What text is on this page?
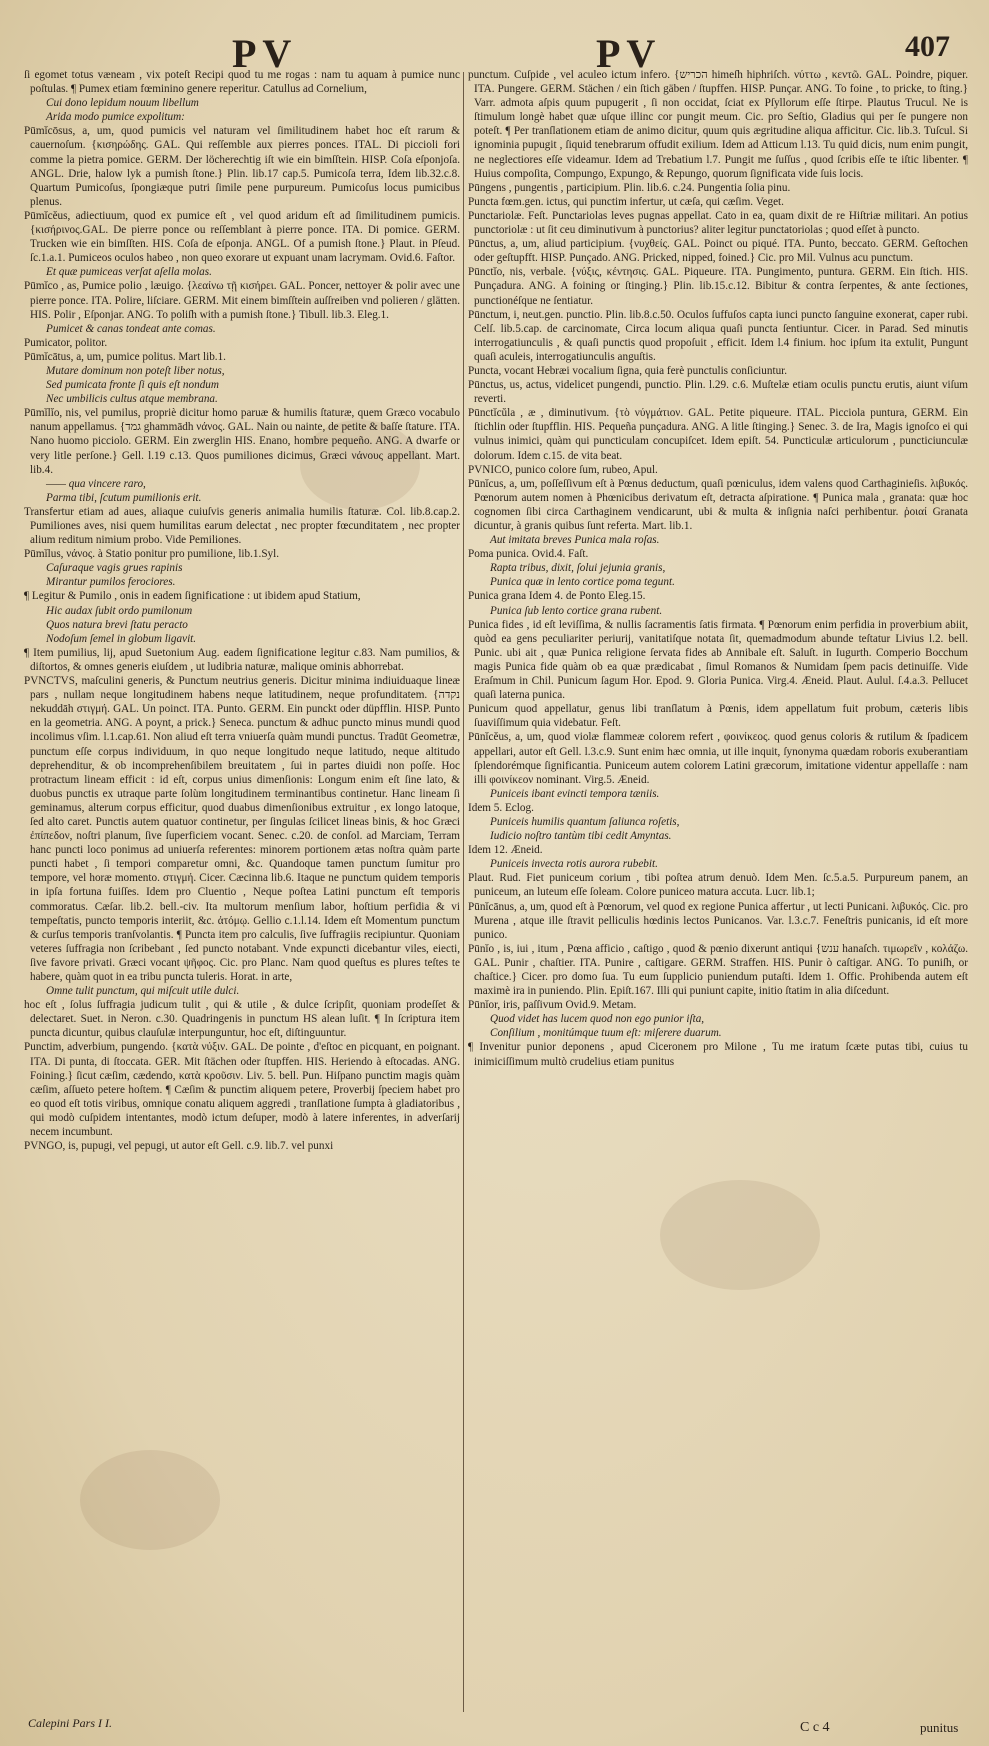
PV	PV	407

ſi egomet totus væneam , vix poteſt Recipi quod tu me rogas : nam tu aquam à pumice nunc poſtulas. ¶ Pumex etiam fœminino genere reperitur. Catullus ad Cornelium,

Cui dono lepidum nouum libellum

Arida modo pumice expolitum:

Pūmĭcōsus, a, um, quod pumicis vel naturam vel ſimilitudinem habet hoc eſt rarum & cauernoſum. {κισηρώδης. GAL. Qui reſſemble aux pierres ponces. ITAL. Di piccioli fori comme la pietra pomice. GERM. Der löcherechtig iſt wie ein bimſſtein. HISP. Coſa eſponjoſa. ANGL. Drie, halow lyk a pumish ſtone.} Plin. lib.17 cap.5. Pumicoſa terra, Idem lib.32.c.8. Quartum Pumicoſus, ſpongiæque putri ſimile pene purpureum. Pumicoſus locus pumicibus plenus.

Pūmĭcĕus, adiectiuum, quod ex pumice eſt , vel quod aridum eſt ad ſimilitudinem pumicis.{κισήρινος.GAL. De pierre ponce ou reſſemblant à pierre ponce. ITA. Di pomice. GERM. Trucken wie ein bimſſten. HIS. Coſa de eſponja. ANGL. Of a pumish ſtone.} Plaut. in Pſeud. ſc.1.a.1. Pumiceos oculos habeo , non queo exorare ut expuant unam lacrymam. Ovid.6. Faſtor.

Et quæ pumiceas verſat aſella molas.

Pūmĭco , as, Pumice polio , læuigo. {λεαίνω τῇ κισήρει. GAL. Poncer, nettoyer & polir avec une pierre ponce. ITA. Polire, liſciare. GERM. Mit einem bimſſtein auſſreiben vnd polieren / glätten. HIS. Polir , Eſponjar. ANG. To poliſh with a pumish ſtone.} Tibull. lib.3. Eleg.1.

Pumicet & canas tondeat ante comas.

Pumicator, politor.

Pūmĭcātus, a, um, pumice politus. Mart lib.1.

Mutare dominum non poteſt liber notus,

Sed pumicata fronte ſi quis eſt nondum

Nec umbilicis cultus atque membrana.

Pūmĭlĭo, nis, vel pumilus, propriè dicitur homo paruæ & humilis ſtaturæ, quem Græco vocabulo nanum appellamus. {גמד ghammādh νάνος. GAL. Nain ou nainte, de petite & baſſe ſtature. ITA. Nano huomo picciolo. GERM. Ein zwerglin HIS. Enano, hombre pequeño. ANG. A dwarfe or very litle perſone.} Gell. l.19 c.13. Quos pumiliones dicimus, Græci νάνους appellant. Mart. lib.4.

—— qua vincere raro,

Parma tibi, ſcutum pumilionis erit.

Transfertur etiam ad aues, aliaque cuiuſvis generis animalia humilis ſtaturæ. Col. lib.8.cap.2. Pumiliones aves, nisi quem humilitas earum delectat , nec propter fœcunditatem , nec propter alium reditum nimium probo. Vide Pemiliones.

Pūmĭlus, νάνος. à Statio ponitur pro pumilione, lib.1.Syl.

Caſuraque vagis grues rapinis

Mirantur pumilos ferociores.

¶ Legitur & Pumilo , onis in eadem ſignificatione : ut ibidem apud Statium,

Hic audax ſubit ordo pumilonum

Quos natura brevi ſtatu peracto

Nodoſum ſemel in globum ligavit.

¶ Item pumilius, lij, apud Suetonium Aug. eadem ſignificatione legitur c.83. Nam pumilios, & diſtortos, & omnes generis eiuſdem , ut ludibria naturæ, malique ominis abhorrebat.

PVNCTVS, maſculini generis, & Punctum neutrius generis. Dicitur minima indiuiduaque lineæ pars , nullam neque longitudinem habens neque latitudinem, neque profunditatem. {נקדה nekuddāh στιγμή. GAL. Un poinct. ITA. Punto. GERM. Ein punckt oder düpfflin. HISP. Punto en la geometria. ANG. A poynt, a prick.} Seneca. punctum & adhuc puncto minus mundi quod incolimus vſim. l.1.cap.61. Non aliud eſt terra vniuerſa quàm mundi punctus. Tradūt Geometræ, punctum eſſe corpus individuum, in quo neque longitudo neque latitudo, neque altitudo deprehenditur, & ob incomprehenſibilem breuitatem , ſui in partes diuidi non poſſe. Hoc protractum lineam efficit : id eſt, corpus unius dimenſionis: Longum enim eſt ſine lato, & duobus punctis ex utraque parte ſolùm longitudinem terminantibus continetur. Hanc lineam ſi geminamus, alterum corpus efficitur, quod duabus dimenſionibus extruitur , ex longo latoque, ſed alto caret. Punctis autem quatuor continetur, per ſingulas ſcilicet lineas binis, & hoc Græci ἐπίπεδον, noſtri planum, ſive ſuperficiem vocant. Senec. c.20. de conſol. ad Marciam, Terram hanc puncti loco ponimus ad uniuerſa referentes: minorem portionem ætas noſtra quàm parte puncti habet , ſi tempori comparetur omni, &c. Quandoque tamen punctum ſumitur pro tempore, vel horæ momento. στιγμή. Cicer. Cæcinna lib.6. Itaque ne punctum quidem temporis in ipſa fortuna fuiſſes. Idem pro Cluentio , Neque poſtea Latini punctum eſt temporis commoratus. Cæſar. lib.2. bell.-civ. Ita multorum menſium labor, hoſtium perfidia & vi tempeſtatis, puncto temporis interiit, &c. ἀτόμῳ. Gellio c.1.l.14. Idem eſt Momentum punctum & curſus temporis tranſvolantis. ¶ Puncta item pro calculis, ſive ſuffragiis recipiuntur. Quoniam veteres ſuffragia non ſcribebant , ſed puncto notabant. Vnde expuncti dicebantur viles, eiecti, ſive favore privati. Græci vocant ψῆφος. Cic. pro Planc. Nam quod queſtus es plures teſtes te habere, quàm quot in ea tribu puncta tuleris. Horat. in arte,

Omne tulit punctum, qui miſcuit utile dulci.

hoc eſt , ſolus ſuffragia judicum tulit , qui & utile , & dulce ſcripſit, quoniam prodeſſet & delectaret. Suet. in Neron. c.30. Quadringenis in punctum HS alean luſit. ¶ In ſcriptura item puncta dicuntur, quibus clauſulæ interpunguntur, hoc eſt, diſtinguuntur.

Punctim, adverbium, pungendo. {κατὰ νύξιν. GAL. De pointe , d'eſtoc en picquant, en poignant. ITA. Di punta, di ſtoccata. GER. Mit ſtächen oder ſtupffen. HIS. Heriendo à eſtocadas. ANG. Foining.} ſicut cæſim, cædendo, κατὰ κροῦσιν. Liv. 5. bell. Pun. Hiſpano punctim magis quàm cæſim, aſſueto petere hoſtem. ¶ Cæſim & punctim aliquem petere, Proverbij ſpeciem habet pro eo quod eſt totis viribus, omnique conatu aliquem aggredi , tranſlatione ſumpta à gladiatoribus , qui modò cuſpidem intentantes, modò ictum deſuper, modò à latere inferentes, in adverſarij necem incumbunt.

PVNGO, is, pupugi, vel pepugi, ut autor eſt Gell. c.9. lib.7. vel punxi

punctum. Cuſpide , vel aculeo ictum infero. {הכריש himeſh hiphriſch. νύττω , κεντῶ. GAL. Poindre, piquer. ITA. Pungere. GERM. Stächen / ein ſtich gäben / ſtupffen. HISP. Punçar. ANG. To foine , to pricke, to ſting.} Varr. admota aſpis quum pupugerit , ſi non occidat, ſciat ex Pſyllorum eſſe ſtirpe. Plautus Trucul. Ne is ſtimulum longè habet quæ uſque illinc cor pungit meum. Cic. pro Seſtio, Gladius qui per ſe pungere non poteſt. ¶ Per tranſlationem etiam de animo dicitur, quum quis ægritudine aliqua afficitur. Cic. lib.3. Tuſcul. Si ignominia pupugit , ſiquid tenebrarum offudit exilium. Idem ad Atticum l.13. Tu quid dicis, num enim pungit, ne neglectiores eſſe videamur. Idem ad Trebatium l.7. Pungit me ſuſſus , quod ſcribis eſſe te iſtic libenter. ¶ Huius compoſita, Compungo, Expungo, & Repungo, quorum ſignificata vide ſuis locis.

Pūngens , pungentis , participium. Plin. lib.6. c.24. Pungentia ſolia pinu.

Puncta fœm.gen. ictus, qui punctim infertur, ut cæſa, qui cæſim. Veget.

Punctariolæ. Feſt. Punctariolas leves pugnas appellat. Cato in ea, quam dixit de re Hiſtriæ militari. An potius punctoriolæ : ut ſit ceu diminutivum à punctorius? aliter legitur punctatoriolas ; quod eſſet à puncto.

Pūnctus, a, um, aliud participium. {νυχθείς. GAL. Poinct ou piqué. ITA. Punto, beccato. GERM. Geſtochen oder geſtupfft. HISP. Punçado. ANG. Pricked, nipped, foined.} Cic. pro Mil. Vulnus acu punctum.

Pūnctĭo, nis, verbale. {νύξις, κέντησις. GAL. Piqueure. ITA. Pungimento, puntura. GERM. Ein ſtich. HIS. Punçadura. ANG. A foining or ſtinging.} Plin. lib.15.c.12. Bibitur & contra ſerpentes, & ante ſectiones, punctionéſque ne ſentiatur.

Pūnctum, i, neut.gen. punctio. Plin. lib.8.c.50. Oculos ſuffuſos capta iunci puncto ſanguine exonerat, caper rubi. Celſ. lib.5.cap. de carcinomate, Circa locum aliqua quaſi puncta ſentiuntur. Cicer. in Parad. Sed minutis interrogatiunculis , & quaſi punctis quod propoſuit , efficit. Idem l.4 finium. hoc ipſum ita extulit, Pungunt quaſi aculeis, interrogatiunculis anguſtis.

Puncta, vocant Hebræi vocalium ſigna, quia ferè punctulis conſiciuntur.

Pūnctus, us, actus, videlicet pungendi, punctio. Plin. l.29. c.6. Muſtelæ etiam oculis punctu erutis, aiunt viſum reverti.

Pūnctĭcŭla , æ , diminutivum. {τὸ νύγμάτιον. GAL. Petite piqueure. ITAL. Picciola puntura, GERM. Ein ſtichlin oder ſtupfflin. HIS. Pequeña punçadura. ANG. A litle ſtinging.} Senec. 3. de Ira, Magis ignoſco ei qui vulnus inimici, quàm qui puncticulam concupiſcet. Idem epiſt. 54. Puncticulæ articulorum , puncticiunculæ dolorum. Idem c.15. de vita beat.

PVNICO, punico colore ſum, rubeo, Apul.

Pūnĭcus, a, um, poſſeſſivum eſt à Pœnus deductum, quaſi pœniculus, idem valens quod Carthaginieſis. λιβυκός. Pœnorum autem nomen à Phœnicibus derivatum eſt, detracta aſpiratione. ¶ Punica mala , granata: quæ hoc cognomen ſibi circa Carthaginem vendicarunt, ubi & multa & inſignia naſci perhibentur. ῥοιαί Granata dicuntur, à granis quibus ſunt referta. Mart. lib.1.

Aut imitata breves Punica mala roſas.

Poma punica. Ovid.4. Faſt.

Rapta tribus, dixit, ſolui jejunia granis,

Punica quæ in lento cortice poma tegunt.

Punica grana Idem 4. de Ponto Eleg.15.

Punica ſub lento cortice grana rubent.

Punica fides , id eſt leviſſima, & nullis ſacramentis ſatis firmata. ¶ Pœnorum enim perfidia in proverbium abiit, quòd ea gens peculiariter periurij, vanitatiſque notata ſit, quemadmodum abunde teſtatur Livius l.2. bell. Punic. ubi ait , quæ Punica religione ſervata fides ab Annibale eſt. Saluſt. in Iugurth. Comperio Bocchum magis Punica fide quàm ob ea quæ prædicabat , ſimul Romanos & Numidam ſpem pacis detinuiſſe. Vide Eraſmum in Chil. Punicum ſagum Hor. Epod. 9. Gloria Punica. Virg.4. Æneid. Plaut. Aulul. ſ.4.a.3. Pellucet quaſi laterna punica.

Punicum quod appellatur, genus libi tranſlatum à Pœnis, idem appellatum fuit probum, cæteris libis ſuaviſſimum quia videbatur. Feſt.

Pūnĭcĕus, a, um, quod violæ flammeæ colorem refert , φοινίκεος. quod genus coloris & rutilum & ſpadicem appellari, autor eſt Gell. l.3.c.9. Sunt enim hæc omnia, ut ille inquit, ſynonyma quædam roboris exuberantiam ſplendorémque ſignificantia. Puniceum autem colorem Latini græcorum, imitatione videntur appellaſſe : nam illi φοινίκεον nominant. Virg.5. Æneid.

Puniceis ibant evincti tempora tæniis.

Idem 5. Eclog.

Puniceis humilis quantum ſaliunca roſetis,

Iudicio noſtro tantùm tibi cedit Amyntas.

Idem 12. Æneid.

Puniceis invecta rotis aurora rubebit.

Plaut. Rud. Fiet puniceum corium , tibi poſtea atrum denuò. Idem Men. ſc.5.a.5. Purpureum panem, an puniceum, an luteum eſſe ſoleam. Colore puniceo matura accuta. Lucr. lib.1;

Pūnĭcānus, a, um, quod eſt à Pœnorum, vel quod ex regione Punica affertur , ut lecti Punicani. λιβυκός. Cic. pro Murena , atque ille ſtravit pelliculis hœdinis lectos Punicanos. Var. l.3.c.7. Feneſtris punicanis, id eſt more punico.

Pūnĭo , is, iui , itum , Pœna afficio , caſtigo , quod & pœnio dixerunt antiqui {ענש hanaſch. τιμωρεῖν , κολάζω. GAL. Punir , chaſtier. ITA. Punire , caſtigare. GERM. Straffen. HIS. Punir ò caſtigar. ANG. To puniſh, or chaſtice.} Cicer. pro domo ſua. Tu eum ſupplicio puniendum putaſti. Idem 1. Offic. Prohibenda autem eſt maximè ira in puniendo. Plin. Epiſt.167. Illi qui puniunt capite, initio ſtatim in alia diſcedunt.

Pūnĭor, iris, paſſivum Ovid.9. Metam.

Quod videt has lucem quod non ego punior iſta,

Conſilium , monitúmque tuum eſt: miſerere duarum.

¶ Invenitur punior deponens , apud Ciceronem pro Milone , Tu me iratum ſcæte putas tibi, cuius tu inimiciſſimum multò crudelius etiam punitus

Calepini Pars I I.	C c 4	punitus
